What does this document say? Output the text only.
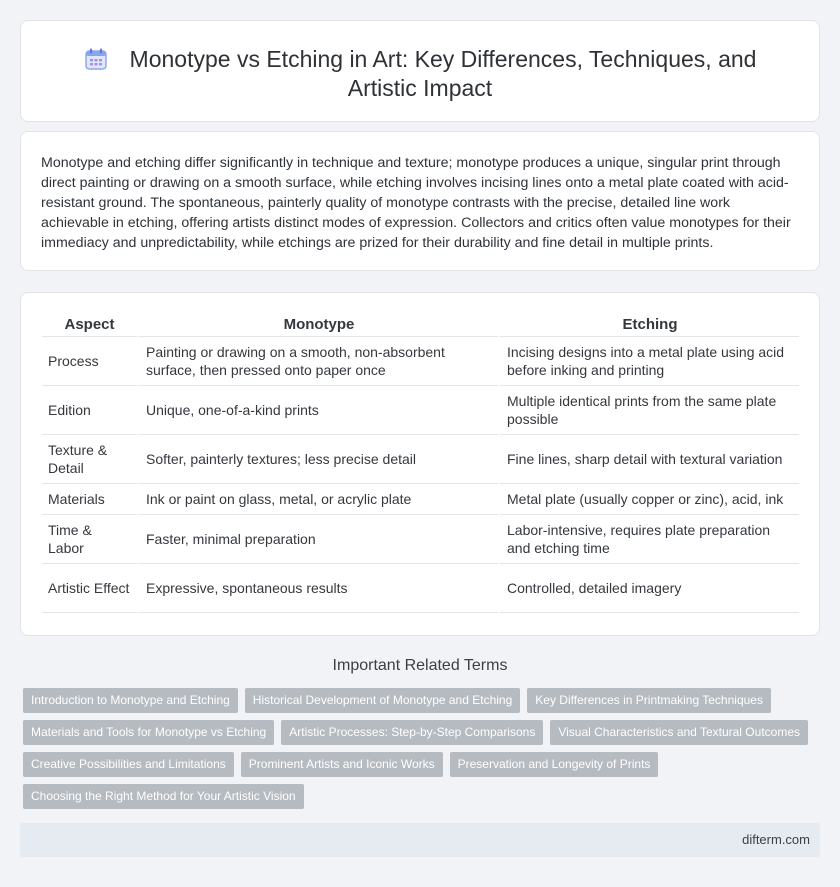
Monotype vs Etching in Art: Key Differences, Techniques, and Artistic Impact

Monotype and etching differ significantly in technique and texture; monotype produces a unique, singular print through direct painting or drawing on a smooth surface, while etching involves incising lines onto a metal plate coated with acid-resistant ground. The spontaneous, painterly quality of monotype contrasts with the precise, detailed line work achievable in etching, offering artists distinct modes of expression. Collectors and critics often value monotypes for their immediacy and unpredictability, while etchings are prized for their durability and fine detail in multiple prints.

Aspect	Monotype	Etching
Process	Painting or drawing on a smooth, non-absorbent surface, then pressed onto paper once	Incising designs into a metal plate using acid before inking and printing
Edition	Unique, one-of-a-kind prints	Multiple identical prints from the same plate possible
Texture & Detail	Softer, painterly textures; less precise detail	Fine lines, sharp detail with textural variation
Materials	Ink or paint on glass, metal, or acrylic plate	Metal plate (usually copper or zinc), acid, ink
Time & Labor	Faster, minimal preparation	Labor-intensive, requires plate preparation and etching time
Artistic Effect	Expressive, spontaneous results	Controlled, detailed imagery
Important Related Terms
Introduction to Monotype and Etching	Historical Development of Monotype and Etching	Key Differences in Printmaking Techniques
Materials and Tools for Monotype vs Etching	Artistic Processes: Step-by-Step Comparisons	Visual Characteristics and Textural Outcomes
Creative Possibilities and Limitations	Prominent Artists and Iconic Works	Preservation and Longevity of Prints
Choosing the Right Method for Your Artistic Vision
difterm.com
